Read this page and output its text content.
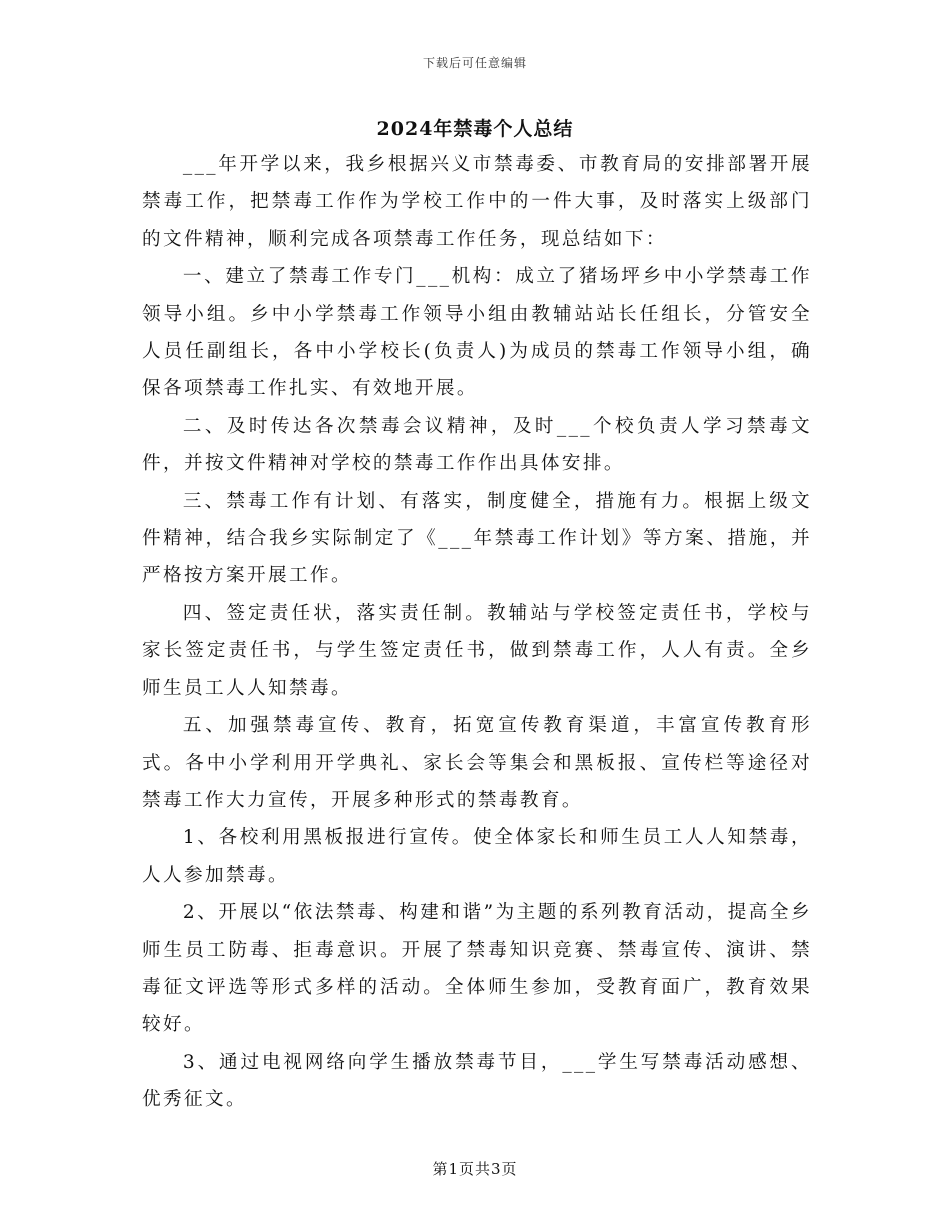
下载后可任意编辑
2024年禁毒个人总结

___年开学以来，我乡根据兴义市禁毒委、市教育局的安排部署开展禁毒工作，把禁毒工作作为学校工作中的一件大事，及时落实上级部门的文件精神，顺利完成各项禁毒工作任务，现总结如下：

一、建立了禁毒工作专门___机构：成立了猪场坪乡中小学禁毒工作领导小组。乡中小学禁毒工作领导小组由教辅站站长任组长，分管安全人员任副组长，各中小学校长(负责人)为成员的禁毒工作领导小组，确保各项禁毒工作扎实、有效地开展。

二、及时传达各次禁毒会议精神，及时___个校负责人学习禁毒文件，并按文件精神对学校的禁毒工作作出具体安排。

三、禁毒工作有计划、有落实，制度健全，措施有力。根据上级文件精神，结合我乡实际制定了《___年禁毒工作计划》等方案、措施，并严格按方案开展工作。

四、签定责任状，落实责任制。教辅站与学校签定责任书，学校与家长签定责任书，与学生签定责任书，做到禁毒工作，人人有责。全乡师生员工人人知禁毒。

五、加强禁毒宣传、教育，拓宽宣传教育渠道，丰富宣传教育形式。各中小学利用开学典礼、家长会等集会和黑板报、宣传栏等途径对禁毒工作大力宣传，开展多种形式的禁毒教育。

1、各校利用黑板报进行宣传。使全体家长和师生员工人人知禁毒，人人参加禁毒。

2、开展以“依法禁毒、构建和谐”为主题的系列教育活动，提高全乡师生员工防毒、拒毒意识。开展了禁毒知识竞赛、禁毒宣传、演讲、禁毒征文评选等形式多样的活动。全体师生参加，受教育面广，教育效果较好。

3、通过电视网络向学生播放禁毒节目，___学生写禁毒活动感想、优秀征文。

第1页共3页
